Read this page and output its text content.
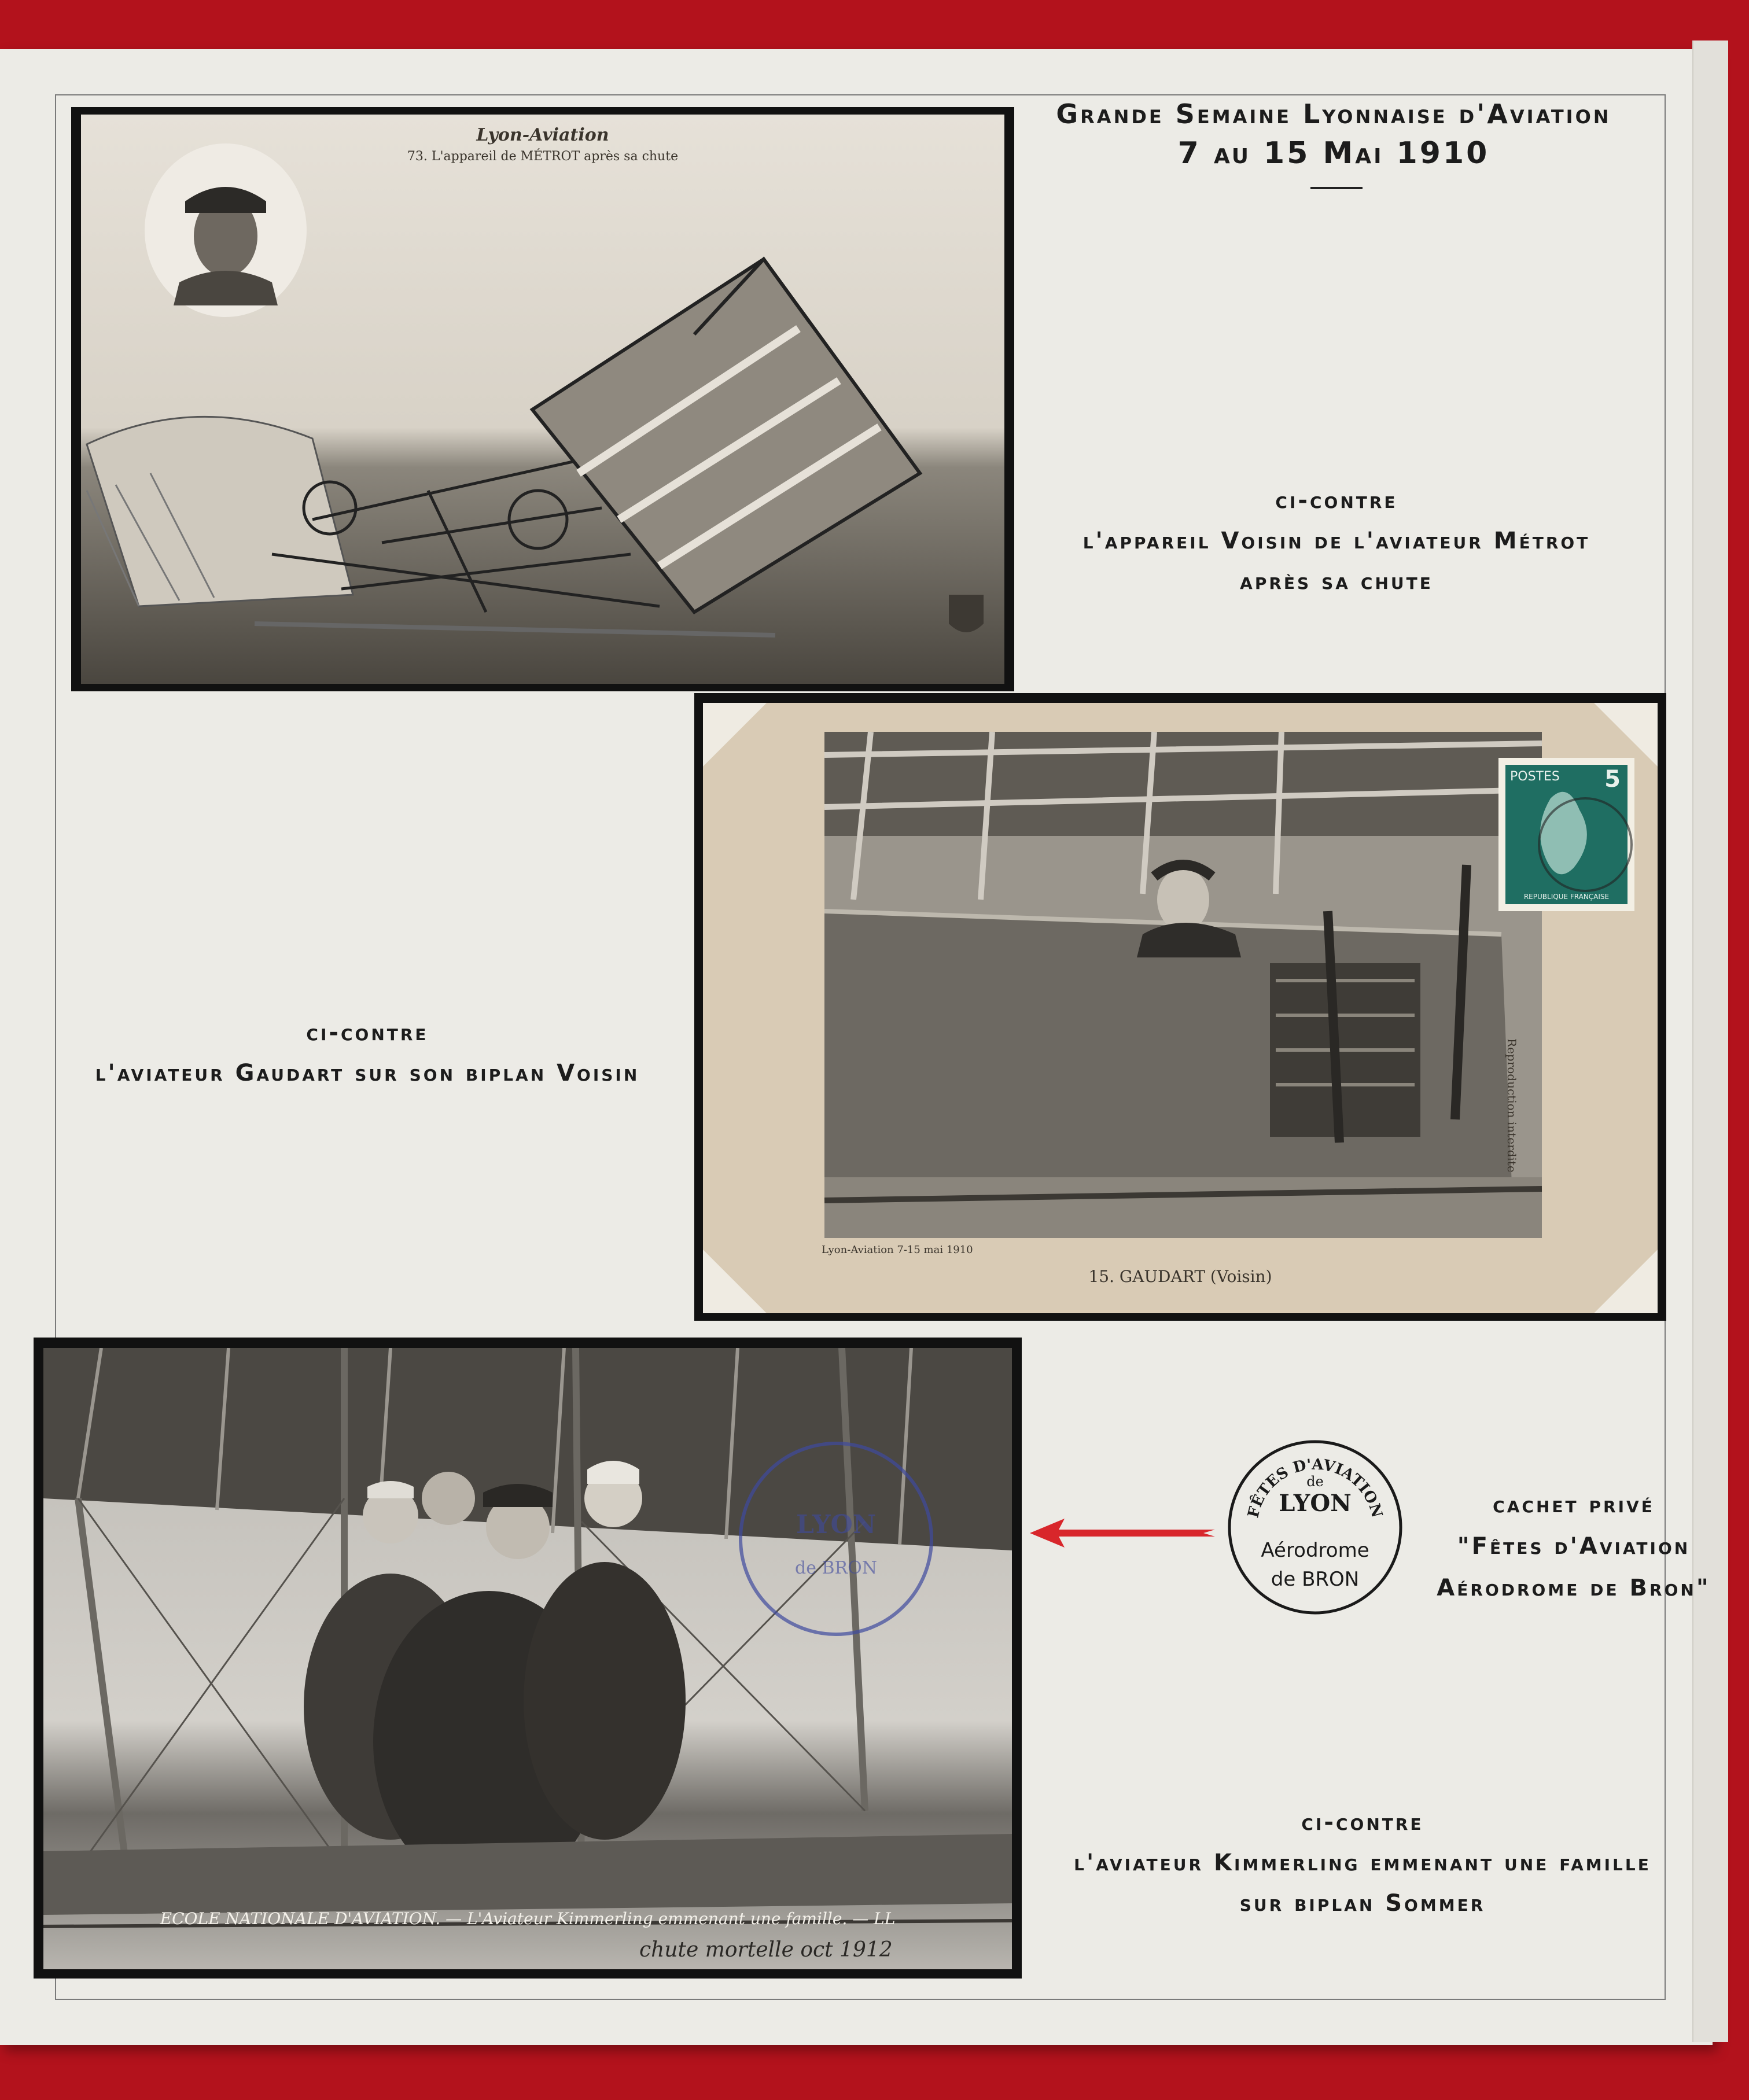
Grande Semaine Lyonnaise d'Aviation
7 au 15 Mai 1910
Lyon-Aviation
73. L'appareil de MÉTROT après sa chute
ci-contre
l'appareil Voisin de l'aviateur Métrot
après sa chute
POSTES 5
REPUBLIQUE FRANÇAISE
Reproduction interdite
Lyon-Aviation 7-15 mai 1910
15. GAUDART (Voisin)
ci-contre
l'aviateur Gaudart sur son biplan Voisin
LYON
de BRON
ECOLE NATIONALE D'AVIATION. — L'Aviateur Kimmerling emmenant une famille. — LL
chute mortelle oct 1912
FÊTES D'AVIATION
de
LYON
Aérodrome
de BRON
cachet privé
"Fêtes d'Aviation
Aérodrome de Bron"
ci-contre
l'aviateur Kimmerling emmenant une famille
sur biplan Sommer
